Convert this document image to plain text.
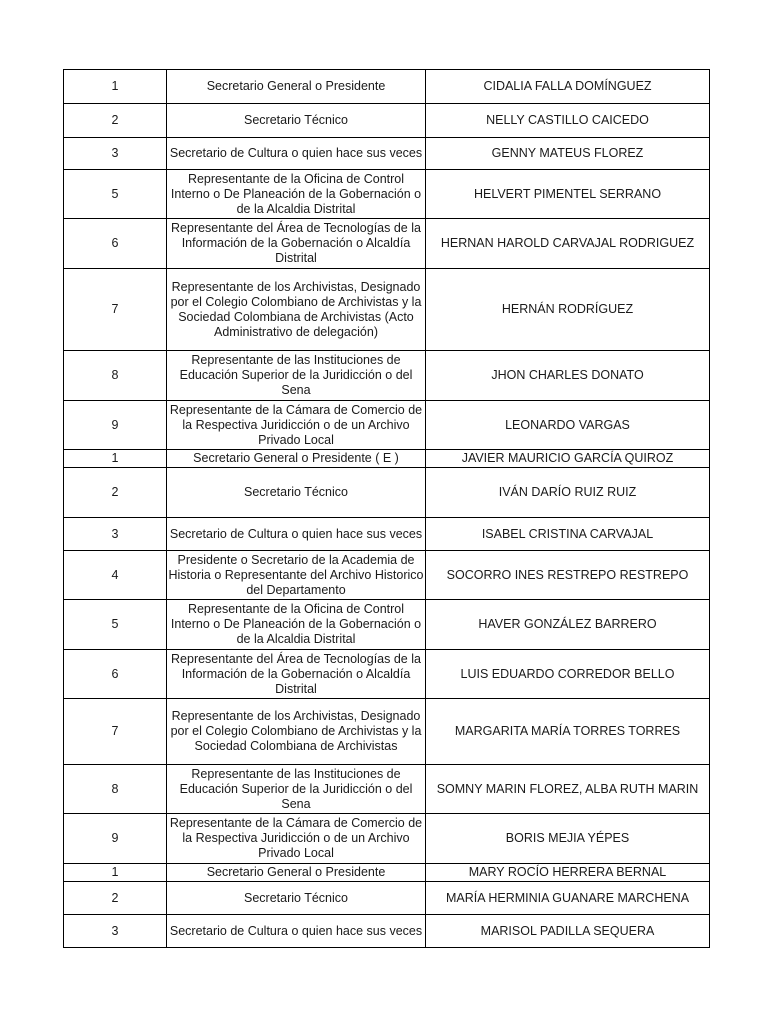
1	Secretario General o Presidente	CIDALIA FALLA DOMÍNGUEZ
2	Secretario Técnico	NELLY CASTILLO CAICEDO
3	Secretario de Cultura o quien hace sus veces	GENNY MATEUS FLOREZ
5	Representante de la Oficina de Control Interno o De Planeación de la Gobernación o de la Alcaldia Distrital	HELVERT PIMENTEL SERRANO
6	Representante del Área de Tecnologías de la Información de la Gobernación o Alcaldía Distrital	HERNAN HAROLD CARVAJAL RODRIGUEZ
7	Representante de los Archivistas, Designado por el Colegio Colombiano de Archivistas y la Sociedad Colombiana de Archivistas (Acto Administrativo de delegación)	HERNÁN RODRÍGUEZ
8	Representante de las Instituciones de Educación Superior de la Juridicción o del Sena	JHON CHARLES DONATO
9	Representante de la Cámara de Comercio de la Respectiva Juridicción o de un Archivo Privado Local	LEONARDO VARGAS
1	Secretario General o Presidente ( E )	JAVIER MAURICIO GARCÍA QUIROZ
2	Secretario Técnico	IVÁN DARÍO RUIZ RUIZ
3	Secretario de Cultura o quien hace sus veces	ISABEL CRISTINA CARVAJAL
4	Presidente o Secretario de la Academia de Historia o Representante del Archivo Historico del Departamento	SOCORRO INES RESTREPO RESTREPO
5	Representante de la Oficina de Control Interno o De Planeación de la Gobernación o de la Alcaldia Distrital	HAVER GONZÁLEZ BARRERO
6	Representante del Área de Tecnologías de la Información de la Gobernación o Alcaldía Distrital	LUIS EDUARDO CORREDOR BELLO
7	Representante de los Archivistas, Designado por el Colegio Colombiano de Archivistas y la Sociedad Colombiana de Archivistas	MARGARITA MARÍA TORRES TORRES
8	Representante de las Instituciones de Educación Superior de la Juridicción o del Sena	SOMNY MARIN FLOREZ, ALBA RUTH MARIN
9	Representante de la Cámara de Comercio de la Respectiva Juridicción o de un Archivo Privado Local	BORIS MEJIA YÉPES
1	Secretario General o Presidente	MARY ROCÍO HERRERA BERNAL
2	Secretario Técnico	MARÍA HERMINIA GUANARE MARCHENA
3	Secretario de Cultura o quien hace sus veces	MARISOL PADILLA SEQUERA
